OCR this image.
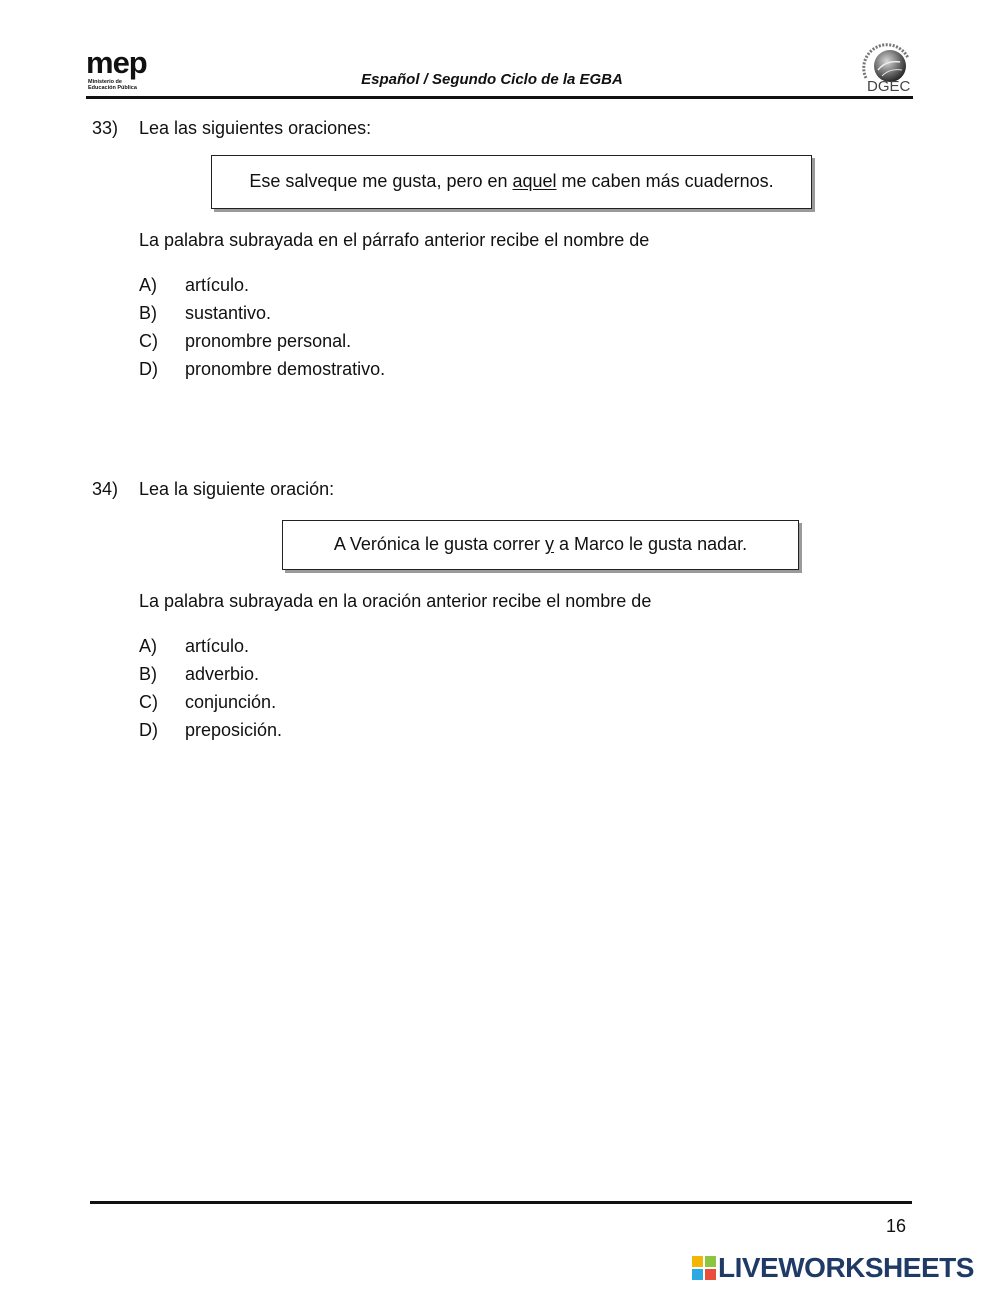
mep
Ministerio de
Educación Pública	Español / Segundo Ciclo de la EGBA	DGEC
33) Lea las siguientes oraciones:
Ese salveque me gusta, pero en aquel me caben más cuadernos.
La palabra subrayada en el párrafo anterior recibe el nombre de
A) artículo.
B) sustantivo.
C) pronombre personal.
D) pronombre demostrativo.
34) Lea la siguiente oración:
A Verónica le gusta correr y a Marco le gusta nadar.
La palabra subrayada en la oración anterior recibe el nombre de
A) artículo.
B) adverbio.
C) conjunción.
D) preposición.
16
LIVEWORKSHEETS
